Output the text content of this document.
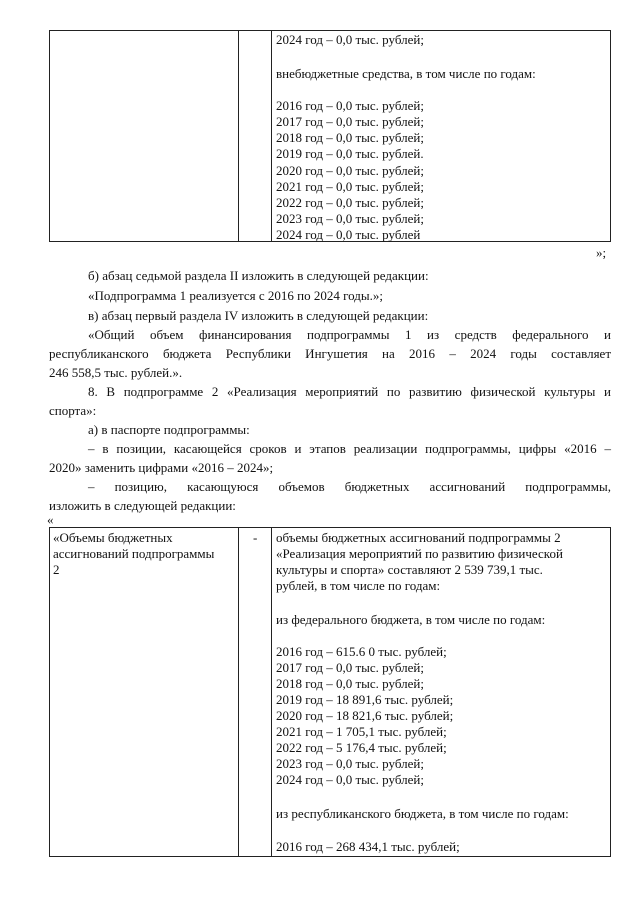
2024 год – 0,0 тыс. рублей;
внебюджетные средства, в том числе по годам:
2016 год – 0,0 тыс. рублей;
2017 год – 0,0 тыс. рублей;
2018 год – 0,0 тыс. рублей;
2019 год – 0,0 тыс. рублей.
2020 год – 0,0 тыс. рублей;
2021 год – 0,0 тыс. рублей;
2022 год – 0,0 тыс. рублей;
2023 год – 0,0 тыс. рублей;
2024 год – 0,0 тыс. рублей
»;
б) абзац седьмой раздела II изложить в следующей редакции:
«Подпрограмма 1 реализуется с 2016 по 2024 годы.»;
в) абзац первый раздела IV изложить в следующей редакции:
«Общий объем финансирования подпрограммы 1 из средств федерального и
республиканского бюджета Республики Ингушетия на 2016 – 2024 годы составляет
246 558,5 тыс. рублей.».
8. В подпрограмме 2 «Реализация мероприятий по развитию физической культуры и
спорта»:
а) в паспорте подпрограммы:
– в позиции, касающейся сроков и этапов реализации подпрограммы, цифры «2016 –
2020» заменить цифрами «2016 – 2024»;
– позицию, касающуюся объемов бюджетных ассигнований подпрограммы,
изложить в следующей редакции:
«
«Объемы бюджетных
ассигнований подпрограммы
2
- объемы бюджетных ассигнований подпрограммы 2
«Реализация мероприятий по развитию физической
культуры и спорта» составляют 2 539 739,1 тыс.
рублей, в том числе по годам:
из федерального бюджета, в том числе по годам:
2016 год – 615.6 0 тыс. рублей;
2017 год – 0,0 тыс. рублей;
2018 год – 0,0 тыс. рублей;
2019 год – 18 891,6 тыс. рублей;
2020 год – 18 821,6 тыс. рублей;
2021 год – 1 705,1 тыс. рублей;
2022 год – 5 176,4 тыс. рублей;
2023 год – 0,0 тыс. рублей;
2024 год – 0,0 тыс. рублей;
из республиканского бюджета, в том числе по годам:
2016 год – 268 434,1 тыс. рублей;
